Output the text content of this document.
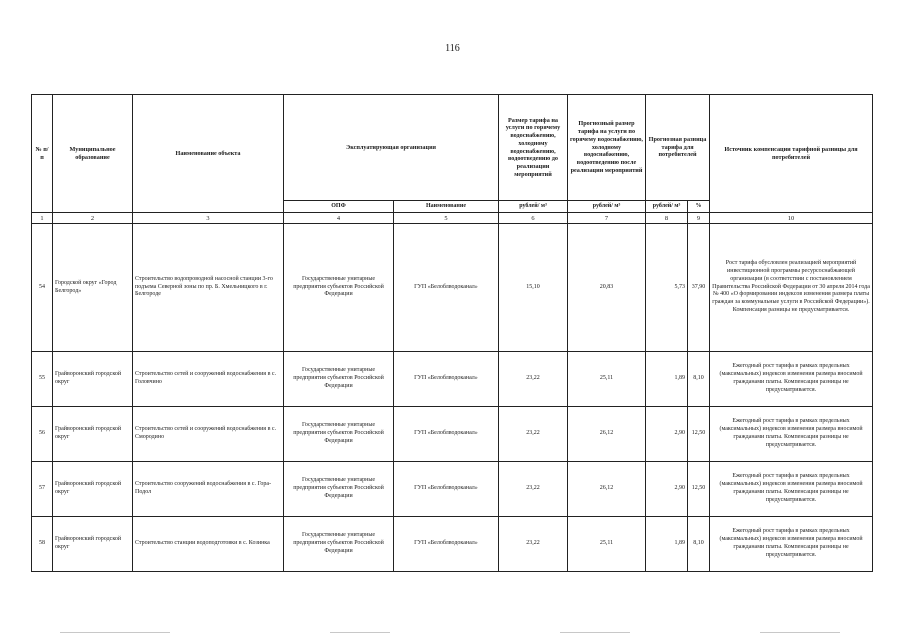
116
№ п/п	Муниципальное образование	Наименование объекта	Эксплуатирующая организация		Размер тарифа на услуги по горячему водоснабжению, холодному водоснабжению, водоотведению до реализации мероприятий	Прогнозный размер тарифа на услуги по горячему водоснабжению, холодному водоснабжению, водоотведению после реализации мероприятий	Прогнозная разница тарифа для потребителей		Источник компенсации тарифной разницы для потребителей
			ОПФ	Наименование	рублей/ м³	рублей/ м³	рублей/ м³	%	
1	2	3	4	5	6	7	8	9	10
54	Городской округ «Город Белгород»	Строительство водопроводной насосной станции 3-го подъема Северной зоны по пр. Б. Хмельницкого в г. Белгороде	Государственные унитарные предприятия субъектов Российской Федерации	ГУП «Белоблводоканал»	15,10	20,83	5,73	37,90	Рост тарифа обусловлен реализацией мероприятий инвестиционной программы ресурсоснабжающей организации (в соответствии с постановлением Правительства Российской Федерации от 30 апреля 2014 года № 400 «О формировании индексов изменения размера платы граждан за коммунальные услуги в Российской Федерации»). Компенсация разницы не предусматривается.
55	Грайворонский городской округ	Строительство сетей и сооружений водоснабжения в с. Головчино	Государственные унитарные предприятия субъектов Российской Федерации	ГУП «Белоблводоканал»	23,22	25,11	1,89	8,10	Ежегодный рост тарифа в рамках предельных (максимальных) индексов изменения размера вносимой гражданами платы. Компенсация разницы не предусматривается.
56	Грайворонский городской округ	Строительство сетей и сооружений водоснабжения в с. Смородино	Государственные унитарные предприятия субъектов Российской Федерации	ГУП «Белоблводоканал»	23,22	26,12	2,90	12,50	Ежегодный рост тарифа в рамках предельных (максимальных) индексов изменения размера вносимой гражданами платы. Компенсация разницы не предусматривается.
57	Грайворонский городской округ	Строительство сооружений водоснабжения в с. Гора-Подол	Государственные унитарные предприятия субъектов Российской Федерации	ГУП «Белоблводоканал»	23,22	26,12	2,90	12,50	Ежегодный рост тарифа в рамках предельных (максимальных) индексов изменения размера вносимой гражданами платы. Компенсация разницы не предусматривается.
58	Грайворонский городской округ	Строительство станции водоподготовки в с. Козинка	Государственные унитарные предприятия субъектов Российской Федерации	ГУП «Белоблводоканал»	23,22	25,11	1,89	8,10	Ежегодный рост тарифа в рамках предельных (максимальных) индексов изменения размера вносимой гражданами платы. Компенсация разницы не предусматривается.
